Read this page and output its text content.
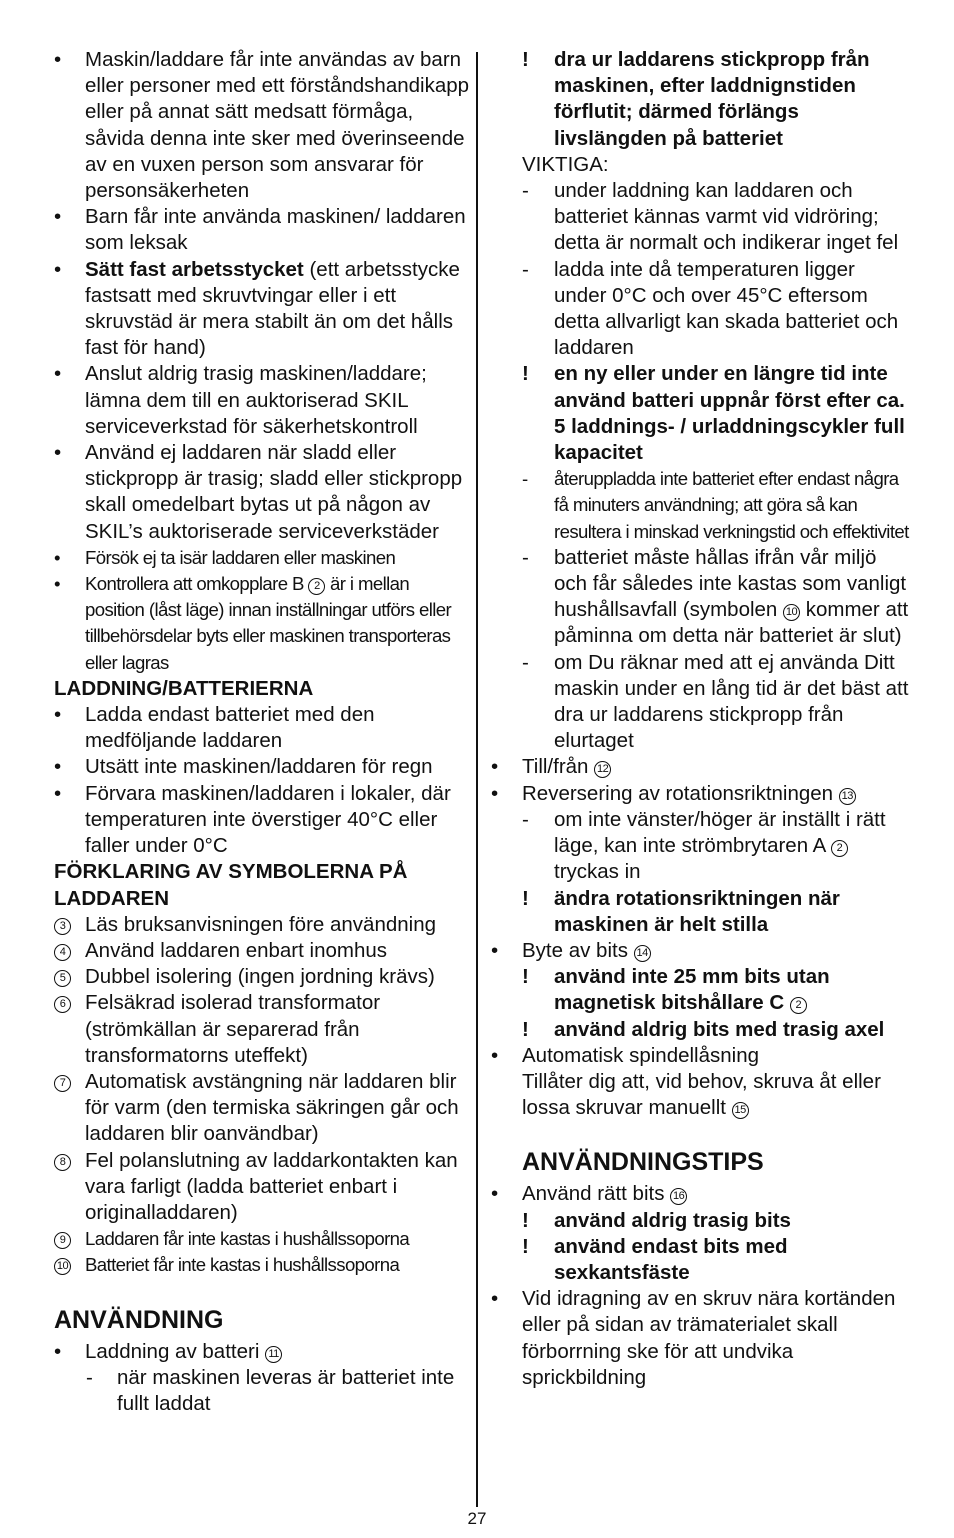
• Maskin/laddare får inte användas av barn eller personer med ett förståndshandikapp eller på annat sätt medsatt förmåga, såvida denna inte sker med överinseende av en vuxen person som ansvarar för personsäkerheten
• Barn får inte använda maskinen/ laddaren som leksak
• Sätt fast arbetsstycket (ett arbetsstycke fastsatt med skruvtvingar eller i ett skruvstäd är mera stabilt än om det hålls fast för hand)
• Anslut aldrig trasig maskinen/laddare; lämna dem till en auktoriserad SKIL serviceverkstad för säkerhetskontroll
• Använd ej laddaren när sladd eller stickpropp är trasig; sladd eller stickpropp skall omedelbart bytas ut på någon av SKIL’s auktoriserade serviceverkstäder
• Försök ej ta isär laddaren eller maskinen
• Kontrollera att omkopplare B 2 är i mellan position (låst läge) innan inställningar utförs eller tillbehörsdelar byts eller maskinen transporteras eller lagras
LADDNING/BATTERIERNA
• Ladda endast batteriet med den medföljande laddaren
• Utsätt inte maskinen/laddaren för regn
• Förvara maskinen/laddaren i lokaler, där temperaturen inte överstiger 40°C eller faller under 0°C
FÖRKLARING AV SYMBOLERNA PÅ LADDAREN
3 Läs bruksanvisningen före användning
4 Använd laddaren enbart inomhus
5 Dubbel isolering (ingen jordning krävs)
6 Felsäkrad isolerad transformator (strömkällan är separerad från transformatorns uteffekt)
7 Automatisk avstängning när laddaren blir för varm (den termiska säkringen går och laddaren blir oanvändbar)
8 Fel polanslutning av laddarkontakten kan vara farligt (ladda batteriet enbart i originalladdaren)
9	Laddaren får inte kastas i hushållssoporna
10 Batteriet får inte kastas i hushållssoporna
ANVÄNDNING
• Laddning av batteri 11
- när maskinen leveras är batteriet inte fullt laddat
! dra ur laddarens stickpropp från maskinen, efter laddnignstiden förflutit; därmed förlängs livslängden på batteriet
VIKTIGA:
- under laddning kan laddaren och batteriet kännas varmt vid vidröring; detta är normalt och indikerar inget fel
- ladda inte då temperaturen ligger under 0°C och over 45°C eftersom detta allvarligt kan skada batteriet och laddaren
! en ny eller under en längre tid inte använd batteri uppnår först efter ca. 5 laddnings- / urladdningscykler full kapacitet
- återuppladda inte batteriet efter endast några få minuters användning; att göra så kan resultera i minskad verkningstid och effektivitet
- batteriet måste hållas ifrån vår miljö och får således inte kastas som vanligt hushållsavfall (symbolen 10 kommer att påminna om detta när batteriet är slut)
- om Du räknar med att ej använda Ditt maskin under en lång tid är det bäst att dra ur laddarens stickpropp från elurtaget
• Till/från 12
• Reversering av rotationsriktningen 13
- om inte vänster/höger är inställt i rätt läge, kan inte strömbrytaren A 2 tryckas in
! ändra rotationsriktningen när maskinen är helt stilla
• Byte av bits 14
! använd inte 25 mm bits utan magnetisk bitshållare C 2
! använd aldrig bits med trasig axel
• Automatisk spindellåsning
Tillåter dig att, vid behov, skruva åt eller lossa skruvar manuellt 15
ANVÄNDNINGSTIPS
• Använd rätt bits 16
! använd aldrig trasig bits
! använd endast bits med sexkantsfäste
• Vid idragning av en skruv nära kortänden eller på sidan av trämaterialet skall förborrning ske för att undvika sprickbildning
27
